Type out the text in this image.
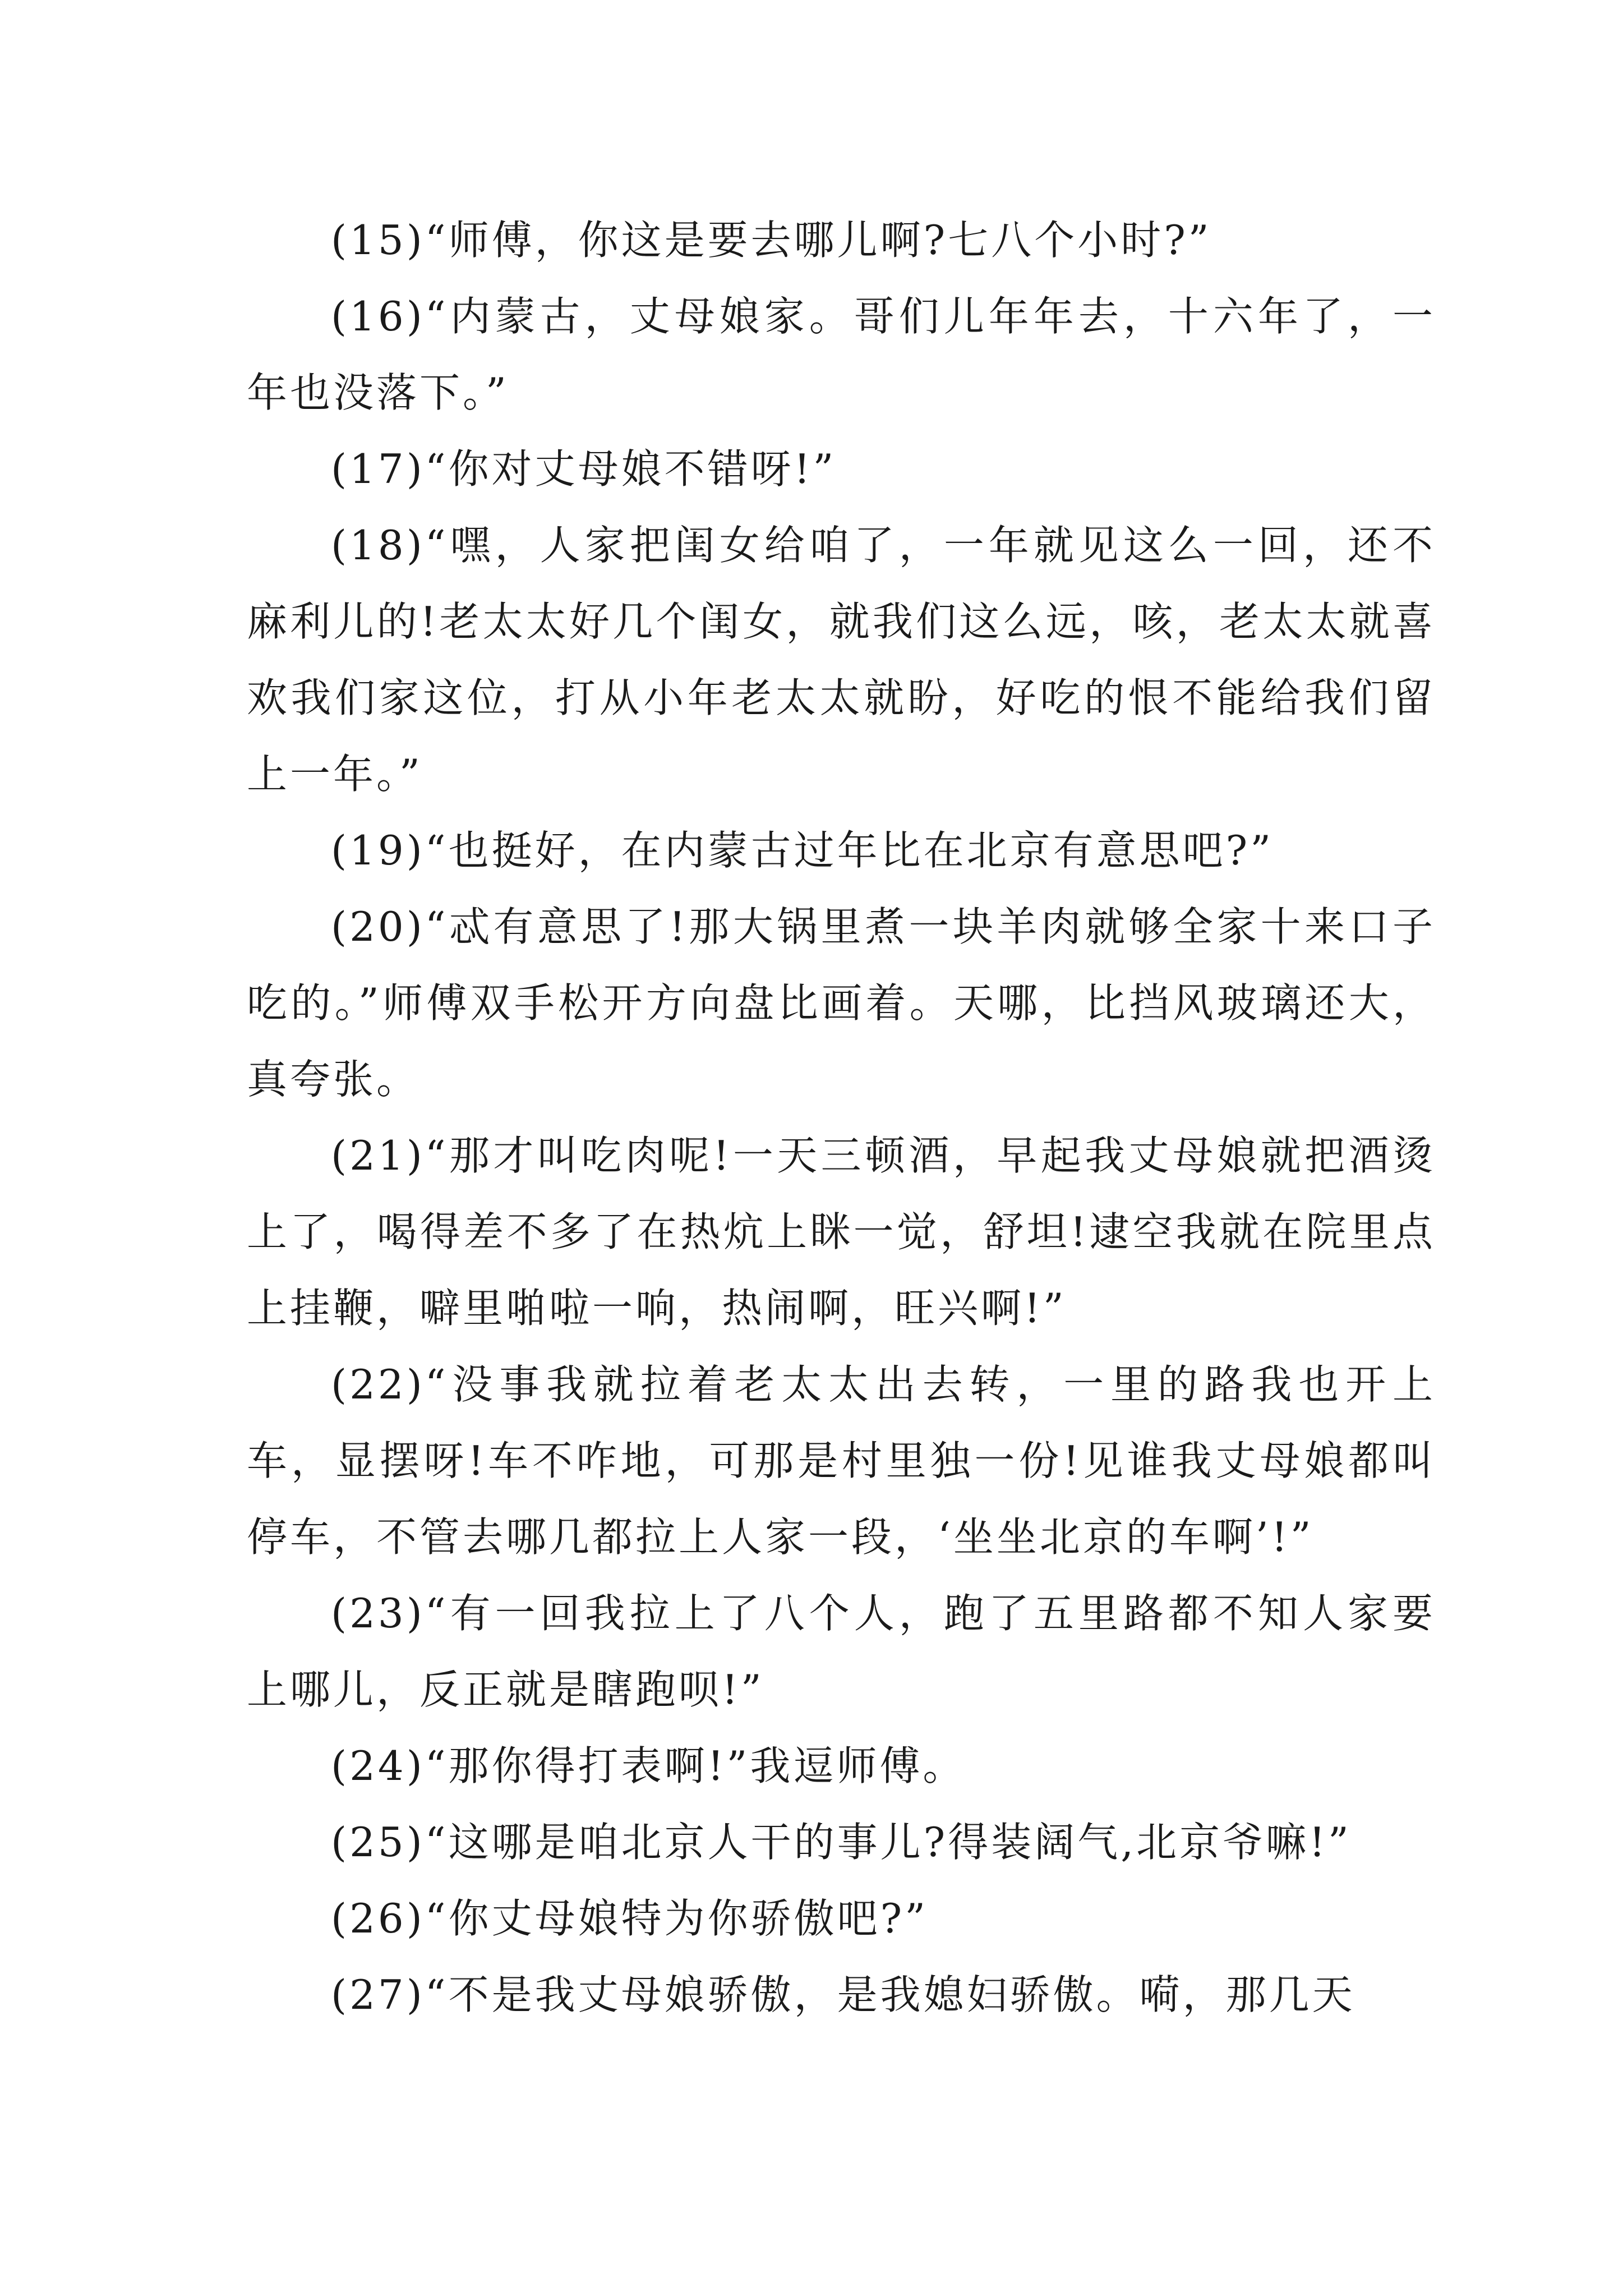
(15)“师傅，你这是要去哪儿啊?七八个小时?”

(16)“内蒙古，丈母娘家。哥们儿年年去，十六年了，一年也没落下。”

(17)“你对丈母娘不错呀!”

(18)“嘿，人家把闺女给咱了，一年就见这么一回，还不麻利儿的!老太太好几个闺女，就我们这么远，咳，老太太就喜欢我们家这位，打从小年老太太就盼，好吃的恨不能给我们留上一年。”

(19)“也挺好，在内蒙古过年比在北京有意思吧?”

(20)“忒有意思了!那大锅里煮一块羊肉就够全家十来口子吃的。”师傅双手松开方向盘比画着。天哪，比挡风玻璃还大，真夸张。

(21)“那才叫吃肉呢!一天三顿酒，早起我丈母娘就把酒烫上了，喝得差不多了在热炕上眯一觉，舒坦!逮空我就在院里点上挂鞭，噼里啪啦一响，热闹啊，旺兴啊!”

(22)“没事我就拉着老太太出去转，一里的路我也开上车，显摆呀!车不咋地，可那是村里独一份!见谁我丈母娘都叫停车，不管去哪几都拉上人家一段，‘坐坐北京的车啊’!”

(23)“有一回我拉上了八个人，跑了五里路都不知人家要上哪儿，反正就是瞎跑呗!”

(24)“那你得打表啊!”我逗师傅。

(25)“这哪是咱北京人干的事儿?得装阔气,北京爷嘛!”

(26)“你丈母娘特为你骄傲吧?”

(27)“不是我丈母娘骄傲，是我媳妇骄傲。嗬，那几天
